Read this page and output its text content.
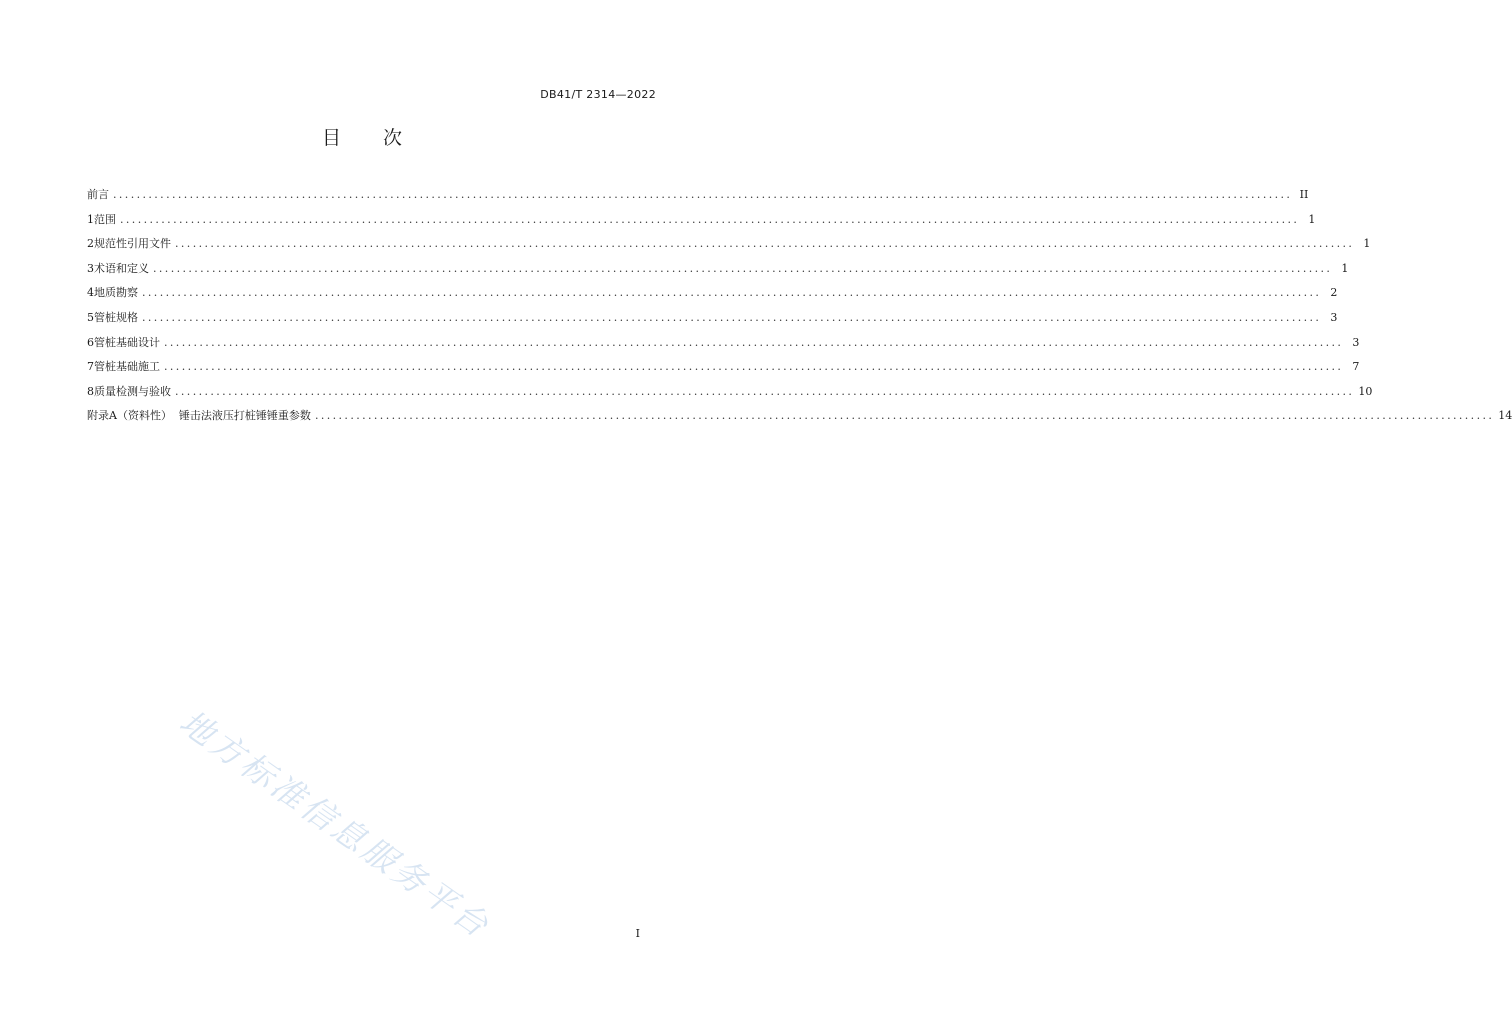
DB41/T 2314—2022
目 次
前言 ........................................................................................................................................................................................................ II
1 范围 ........................................................................................................................................................................................................ 1
2 规范性引用文件 ........................................................................................................................................................................................................ 1
3 术语和定义 ........................................................................................................................................................................................................ 1
4 地质勘察 ........................................................................................................................................................................................................ 2
5 管桩规格 ........................................................................................................................................................................................................ 3
6 管桩基础设计 ........................................................................................................................................................................................................ 3
7 管桩基础施工 ........................................................................................................................................................................................................ 7
8 质量检测与验收 ........................................................................................................................................................................................................ 10
附录A（资料性）  锤击法液压打桩锤锤重参数 ........................................................................................................................................................................................................ 14
地方标准信息服务平台	I
